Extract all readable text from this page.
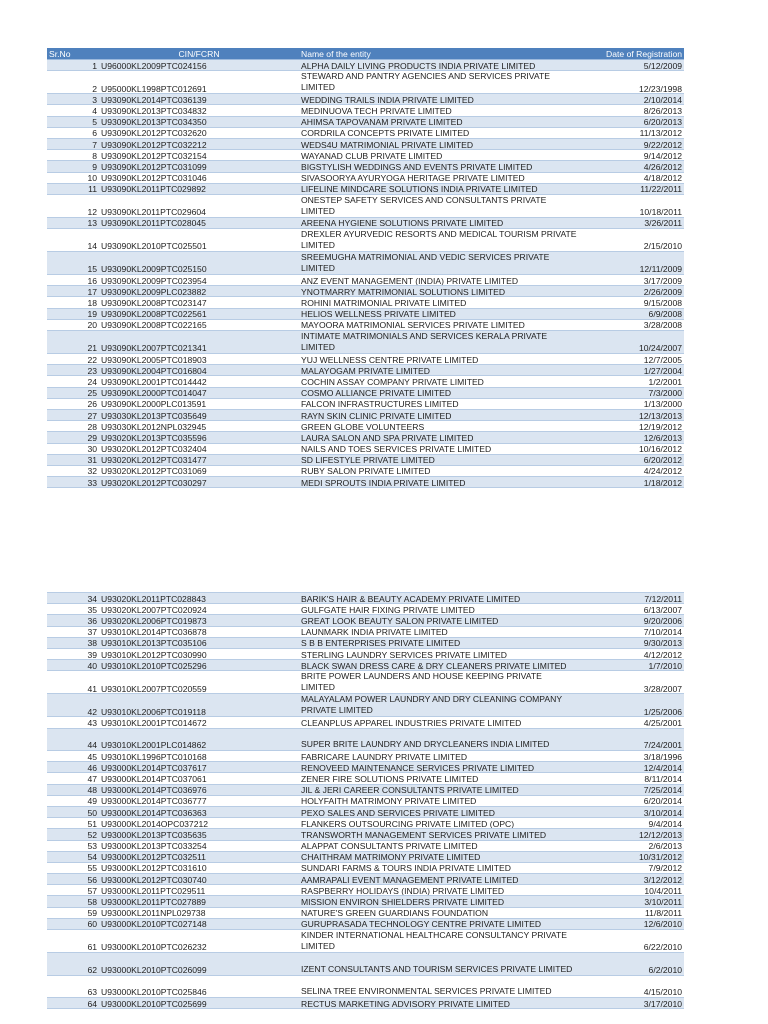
Sr.No	CIN/FCRN	Name of the entity	Date of Registration
1	U96000KL2009PTC024156	ALPHA DAILY LIVING PRODUCTS INDIA PRIVATE LIMITED	5/12/2009
2	U95000KL1998PTC012691	STEWARD AND PANTRY AGENCIES AND SERVICES PRIVATE LIMITED	12/23/1998
3	U93090KL2014PTC036139	WEDDING TRAILS INDIA PRIVATE LIMITED	2/10/2014
4	U93090KL2013PTC034832	MEDINUOVA TECH PRIVATE LIMITED	8/26/2013
5	U93090KL2013PTC034350	AHIMSA TAPOVANAM PRIVATE LIMITED	6/20/2013
6	U93090KL2012PTC032620	CORDRILA CONCEPTS PRIVATE LIMITED	11/13/2012
7	U93090KL2012PTC032212	WEDS4U MATRIMONIAL PRIVATE LIMITED	9/22/2012
8	U93090KL2012PTC032154	WAYANAD CLUB PRIVATE LIMITED	9/14/2012
9	U93090KL2012PTC031099	BIGSTYLISH WEDDINGS AND EVENTS PRIVATE LIMITED	4/26/2012
10	U93090KL2012PTC031046	SIVASOORYA AYURYOGA HERITAGE PRIVATE LIMITED	4/18/2012
11	U93090KL2011PTC029892	LIFELINE MINDCARE SOLUTIONS INDIA PRIVATE LIMITED	11/22/2011
12	U93090KL2011PTC029604	ONESTEP SAFETY SERVICES AND CONSULTANTS PRIVATE LIMITED	10/18/2011
13	U93090KL2011PTC028045	AREENA HYGIENE SOLUTIONS PRIVATE LIMITED	3/26/2011
14	U93090KL2010PTC025501	DREXLER AYURVEDIC RESORTS AND MEDICAL TOURISM PRIVATE LIMITED	2/15/2010
15	U93090KL2009PTC025150	SREEMUGHA MATRIMONIAL AND VEDIC SERVICES PRIVATE LIMITED	12/11/2009
16	U93090KL2009PTC023954	ANZ EVENT MANAGEMENT (INDIA) PRIVATE LIMITED	3/17/2009
17	U93090KL2009PLC023882	YNOTMARRY MATRIMONIAL SOLUTIONS LIMITED	2/26/2009
18	U93090KL2008PTC023147	ROHINI MATRIMONIAL PRIVATE LIMITED	9/15/2008
19	U93090KL2008PTC022561	HELIOS WELLNESS PRIVATE LIMITED	6/9/2008
20	U93090KL2008PTC022165	MAYOORA MATRIMONIAL SERVICES PRIVATE LIMITED	3/28/2008
21	U93090KL2007PTC021341	INTIMATE MATRIMONIALS AND SERVICES KERALA PRIVATE LIMITED	10/24/2007
22	U93090KL2005PTC018903	YUJ WELLNESS CENTRE PRIVATE LIMITED	12/7/2005
23	U93090KL2004PTC016804	MALAYOGAM PRIVATE LIMITED	1/27/2004
24	U93090KL2001PTC014442	COCHIN ASSAY COMPANY PRIVATE LIMITED	1/2/2001
25	U93090KL2000PTC014047	COSMO ALLIANCE PRIVATE LIMITED	7/3/2000
26	U93090KL2000PLC013591	FALCON INFRASTRUCTURES LIMITED	1/13/2000
27	U93030KL2013PTC035649	RAYN SKIN CLINIC PRIVATE LIMITED	12/13/2013
28	U93030KL2012NPL032945	GREEN GLOBE VOLUNTEERS	12/19/2012
29	U93020KL2013PTC035596	LAURA SALON AND SPA PRIVATE LIMITED	12/6/2013
30	U93020KL2012PTC032404	NAILS AND TOES SERVICES PRIVATE LIMITED	10/16/2012
31	U93020KL2012PTC031477	SD LIFESTYLE PRIVATE LIMITED	6/20/2012
32	U93020KL2012PTC031069	RUBY SALON PRIVATE LIMITED	4/24/2012
33	U93020KL2012PTC030297	MEDI SPROUTS INDIA PRIVATE LIMITED	1/18/2012
34	U93020KL2011PTC028843	BARIK'S HAIR & BEAUTY ACADEMY PRIVATE LIMITED	7/12/2011
35	U93020KL2007PTC020924	GULFGATE HAIR FIXING PRIVATE LIMITED	6/13/2007
36	U93020KL2006PTC019873	GREAT LOOK BEAUTY SALON PRIVATE LIMITED	9/20/2006
37	U93010KL2014PTC036878	LAUNMARK INDIA PRIVATE LIMITED	7/10/2014
38	U93010KL2013PTC035106	S B B ENTERPRISES PRIVATE LIMITED	9/30/2013
39	U93010KL2012PTC030990	STERLING LAUNDRY SERVICES PRIVATE LIMITED	4/12/2012
40	U93010KL2010PTC025296	BLACK SWAN DRESS CARE & DRY CLEANERS PRIVATE LIMITED	1/7/2010
41	U93010KL2007PTC020559	BRITE POWER LAUNDERS AND HOUSE KEEPING PRIVATE LIMITED	3/28/2007
42	U93010KL2006PTC019118	MALAYALAM POWER LAUNDRY AND DRY CLEANING COMPANY PRIVATE LIMITED	1/25/2006
43	U93010KL2001PTC014672	CLEANPLUS APPAREL INDUSTRIES PRIVATE LIMITED	4/25/2001
44	U93010KL2001PLC014862	SUPER BRITE LAUNDRY AND DRYCLEANERS INDIA LIMITED	7/24/2001
45	U93010KL1996PTC010168	FABRICARE LAUNDRY PRIVATE LIMITED	3/18/1996
46	U93000KL2014PTC037617	RENOVEED MAINTENANCE SERVICES PRIVATE LIMITED	12/4/2014
47	U93000KL2014PTC037061	ZENER FIRE SOLUTIONS PRIVATE LIMITED	8/11/2014
48	U93000KL2014PTC036976	JIL & JERI CAREER CONSULTANTS PRIVATE LIMITED	7/25/2014
49	U93000KL2014PTC036777	HOLYFAITH MATRIMONY PRIVATE LIMITED	6/20/2014
50	U93000KL2014PTC036363	PEXO SALES AND SERVICES PRIVATE LIMITED	3/10/2014
51	U93000KL2014OPC037212	FLANKERS OUTSOURCING PRIVATE LIMITED (OPC)	9/4/2014
52	U93000KL2013PTC035635	TRANSWORTH MANAGEMENT SERVICES PRIVATE LIMITED	12/12/2013
53	U93000KL2013PTC033254	ALAPPAT CONSULTANTS PRIVATE LIMITED	2/6/2013
54	U93000KL2012PTC032511	CHAITHRAM MATRIMONY PRIVATE LIMITED	10/31/2012
55	U93000KL2012PTC031610	SUNDARI FARMS & TOURS INDIA PRIVATE LIMITED	7/9/2012
56	U93000KL2012PTC030740	AAMRAPALI EVENT MANAGEMENT PRIVATE LIMITED	3/12/2012
57	U93000KL2011PTC029511	RASPBERRY HOLIDAYS (INDIA) PRIVATE LIMITED	10/4/2011
58	U93000KL2011PTC027889	MISSION ENVIRON SHIELDERS PRIVATE LIMITED	3/10/2011
59	U93000KL2011NPL029738	NATURE'S GREEN GUARDIANS FOUNDATION	11/8/2011
60	U93000KL2010PTC027148	GURUPRASADA TECHNOLOGY CENTRE PRIVATE LIMITED	12/6/2010
61	U93000KL2010PTC026232	KINDER INTERNATIONAL HEALTHCARE CONSULTANCY PRIVATE LIMITED	6/22/2010
62	U93000KL2010PTC026099	IZENT CONSULTANTS AND TOURISM SERVICES PRIVATE LIMITED	6/2/2010
63	U93000KL2010PTC025846	SELINA TREE ENVIRONMENTAL SERVICES PRIVATE LIMITED	4/15/2010
64	U93000KL2010PTC025699	RECTUS MARKETING ADVISORY PRIVATE LIMITED	3/17/2010
